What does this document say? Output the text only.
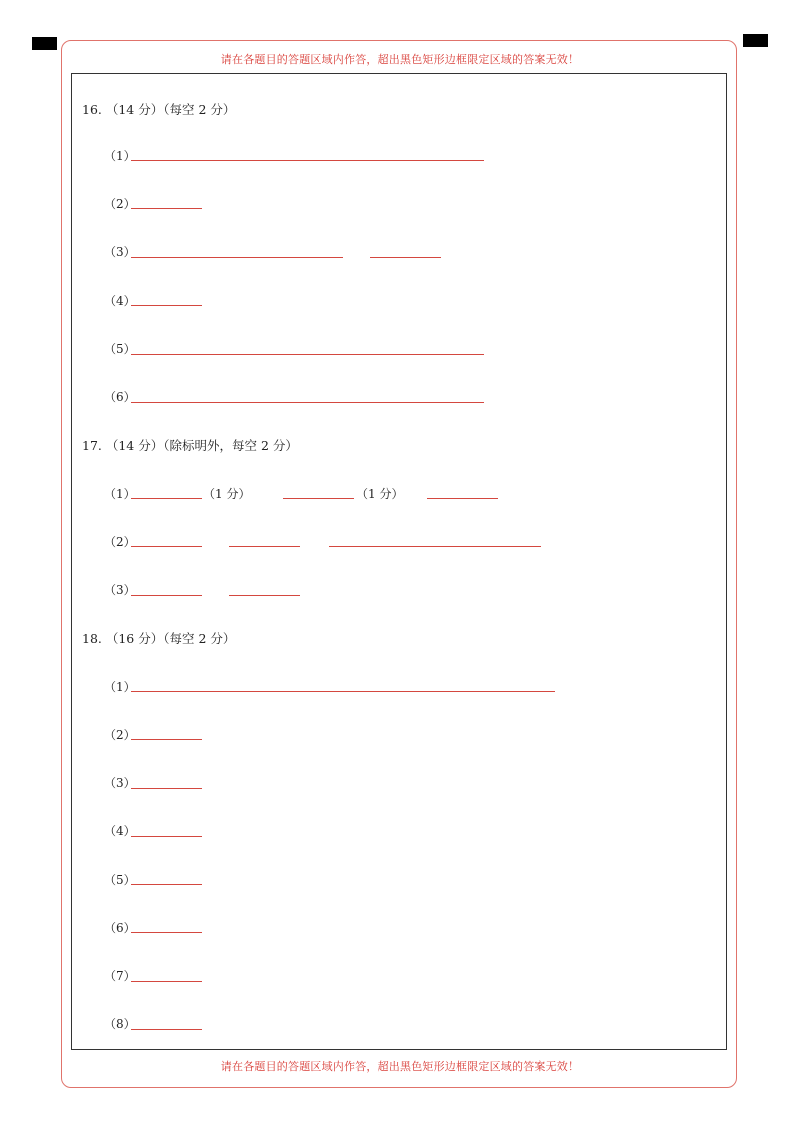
请在各题目的答题区域内作答，超出黑色矩形边框限定区域的答案无效！
16. （14 分）（每空 2 分）
（1）
（2）
（3）
（4）
（5）
（6）
17. （14 分）（除标明外，每空 2 分）
（1）	（1 分）	（1 分）
（2）
（3）
18. （16 分）（每空 2 分）
（1）
（2）
（3）
（4）
（5）
（6）
（7）
（8）
请在各题目的答题区域内作答，超出黑色矩形边框限定区域的答案无效！
